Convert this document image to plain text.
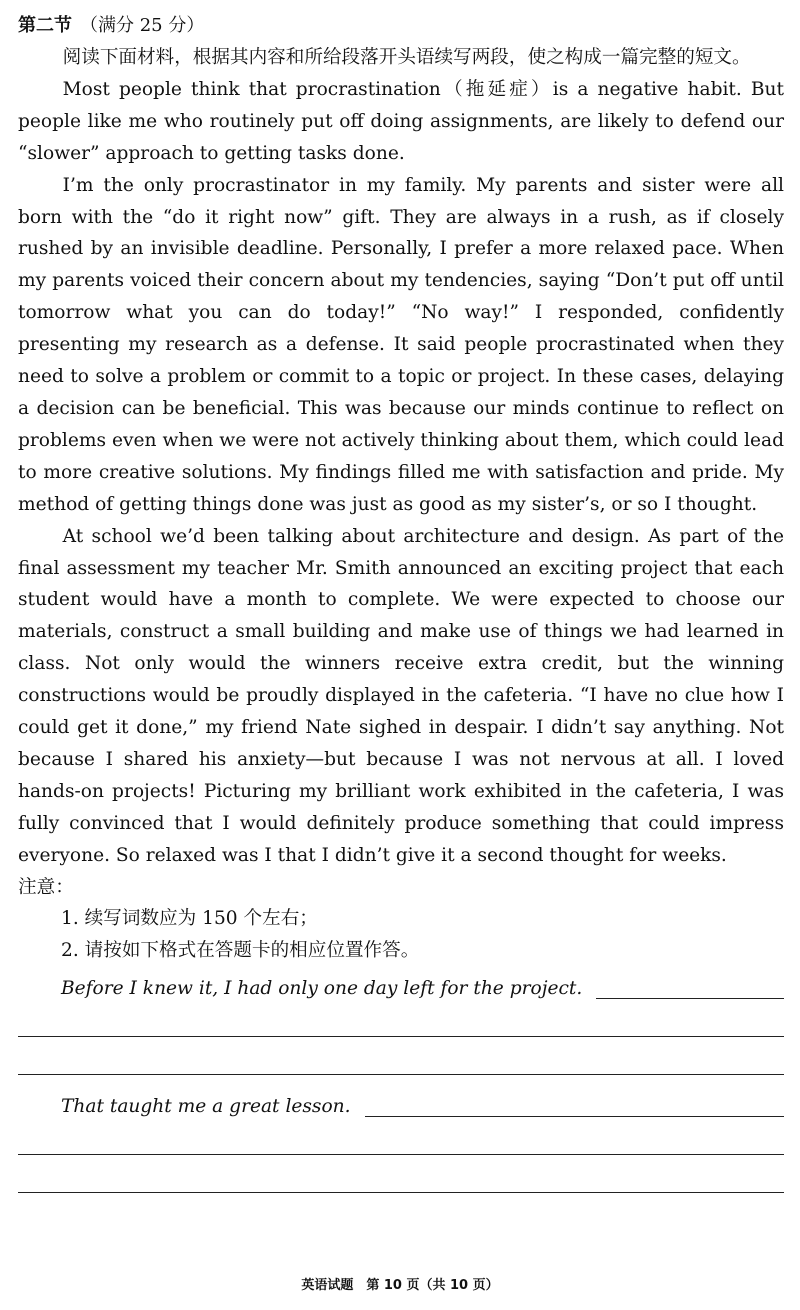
第二节 （满分 25 分）

阅读下面材料，根据其内容和所给段落开头语续写两段，使之构成一篇完整的短文。

Most people think that procrastination（拖延症）is a negative habit. But people like me who routinely put off doing assignments, are likely to defend our “slower” approach to getting tasks done.

I’m the only procrastinator in my family. My parents and sister were all born with the “do it right now” gift. They are always in a rush, as if closely rushed by an invisible deadline. Personally, I prefer a more relaxed pace. When my parents voiced their concern about my tendencies, saying “Don’t put off until tomorrow what you can do today!” “No way!” I responded, confidently presenting my research as a defense. It said people procrastinated when they need to solve a problem or commit to a topic or project. In these cases, delaying a decision can be beneficial. This was because our minds continue to reflect on problems even when we were not actively thinking about them, which could lead to more creative solutions. My findings filled me with satisfaction and pride. My method of getting things done was just as good as my sister’s, or so I thought.

At school we’d been talking about architecture and design. As part of the final assessment my teacher Mr. Smith announced an exciting project that each student would have a month to complete. We were expected to choose our materials, construct a small building and make use of things we had learned in class. Not only would the winners receive extra credit, but the winning constructions would be proudly displayed in the cafeteria. “I have no clue how I could get it done,” my friend Nate sighed in despair. I didn’t say anything. Not because I shared his anxiety—but because I was not nervous at all. I loved hands-on projects! Picturing my brilliant work exhibited in the cafeteria, I was fully convinced that I would definitely produce something that could impress everyone. So relaxed was I that I didn’t give it a second thought for weeks.

注意：
1. 续写词数应为 150 个左右；
2. 请按如下格式在答题卡的相应位置作答。
Before I knew it, I had only one day left for the project.
That taught me a great lesson.
英语试题　第 10 页（共 10 页）
